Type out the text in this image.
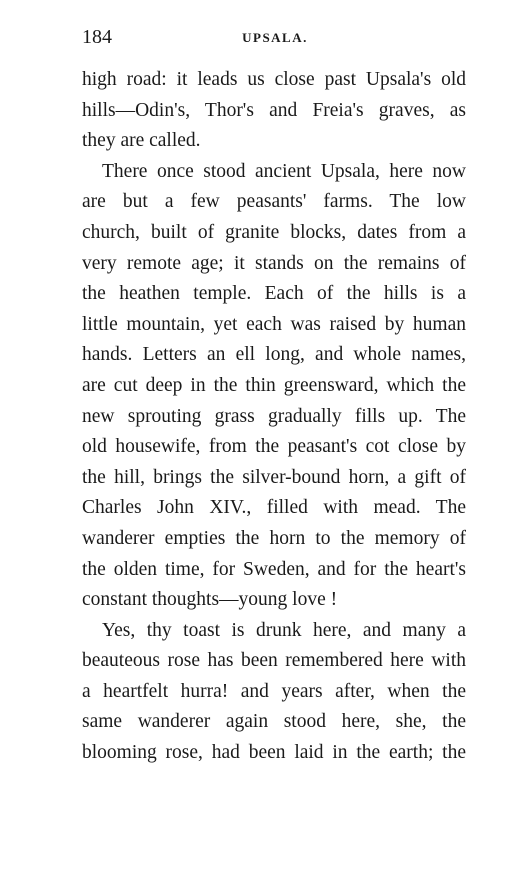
184	UPSALA.
high road: it leads us close past Upsala's old
hills—Odin's, Thor's and Freia's graves, as
they are called.
There once stood ancient Upsala, here now
are but a few peasants' farms. The low
church, built of granite blocks, dates from a
very remote age; it stands on the remains of
the heathen temple. Each of the hills is a
little mountain, yet each was raised by human
hands. Letters an ell long, and whole names,
are cut deep in the thin greensward, which the
new sprouting grass gradually fills up. The
old housewife, from the peasant's cot close by
the hill, brings the silver-bound horn, a gift of
Charles John XIV., filled with mead. The
wanderer empties the horn to the memory of
the olden time, for Sweden, and for the heart's
constant thoughts—young love !
Yes, thy toast is drunk here, and many a
beauteous rose has been remembered here with
a heartfelt hurra! and years after, when the
same wanderer again stood here, she, the
blooming rose, had been laid in the earth; the
